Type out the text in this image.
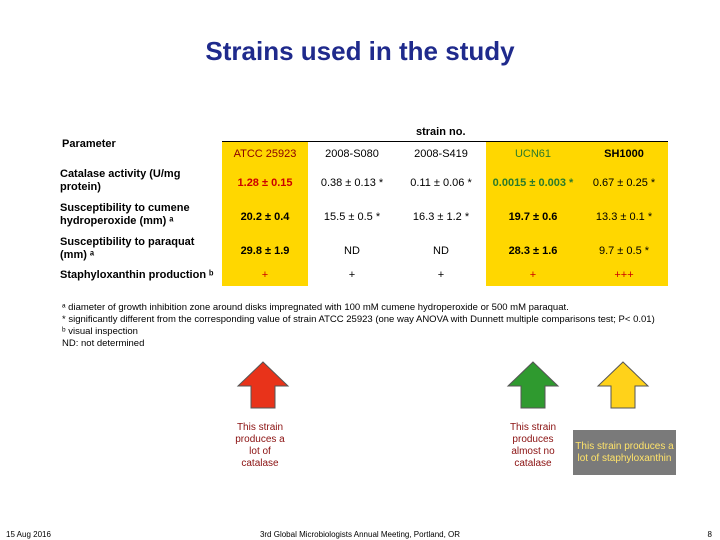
Strains used in the study
Parameter
strain no.
ATCC 25923	2008-S080	2008-S419	UCN61	SH1000
Catalase activity (U/mg protein)	1.28 ± 0.15	0.38 ± 0.13 *	0.11 ± 0.06 *	0.0015 ± 0.003 *	0.67 ± 0.25 *
Susceptibility to cumene hydroperoxide (mm) ᵃ	20.2 ± 0.4	15.5 ± 0.5 *	16.3 ± 1.2 *	19.7 ± 0.6	13.3 ± 0.1 *
Susceptibility to paraquat (mm) ᵃ	29.8 ± 1.9	ND	ND	28.3 ± 1.6	9.7 ± 0.5 *
Staphyloxanthin production ᵇ	+	+	+	+	+++
ᵃ diameter of growth inhibition zone around disks impregnated with 100 mM cumene hydroperoxide or 500 mM paraquat.
* significantly different from the corresponding value of strain ATCC 25923 (one way ANOVA with Dunnett multiple comparisons test; P< 0.01)
ᵇ visual inspection
ND: not determined
This strain produces a lot of catalase
This strain produces almost no catalase
This strain produces a lot of staphyloxanthin
15 Aug 2016	3rd Global Microbiologists Annual Meeting, Portland, OR	8
